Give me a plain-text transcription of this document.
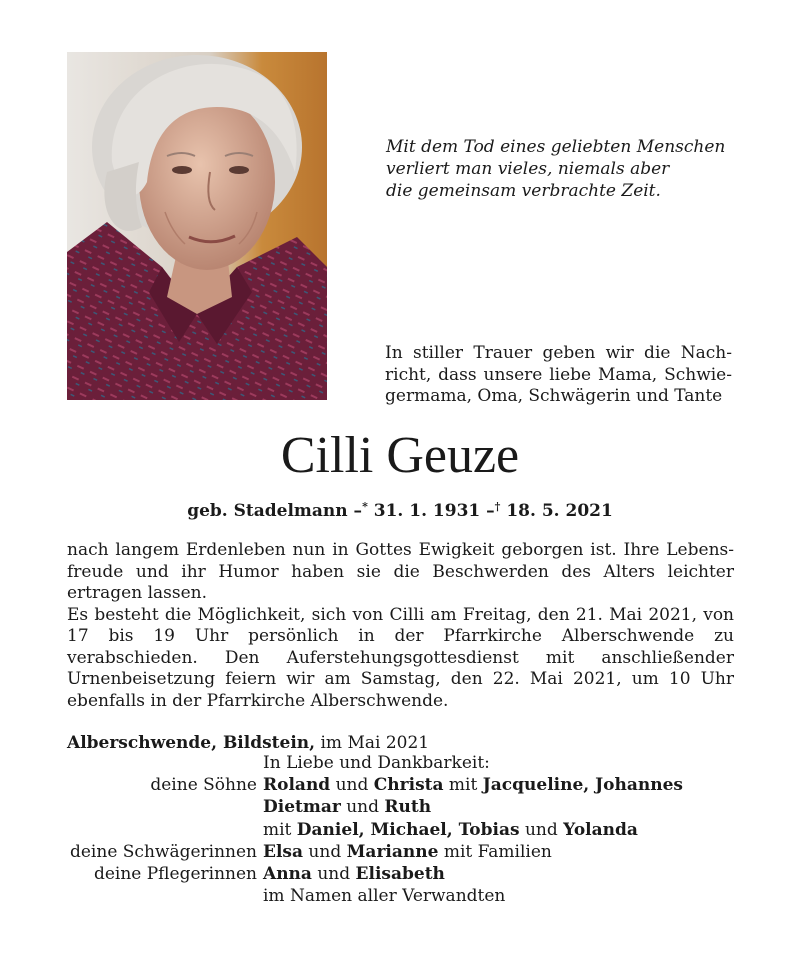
Mit dem Tod eines geliebten Menschen
verliert man vieles, niemals aber
die gemeinsam verbrachte Zeit.
In stiller Trauer geben wir die Nach-
richt, dass unsere liebe Mama, Schwie-
germama, Oma, Schwägerin und Tante
Cilli Geuze
geb. Stadelmann –* 31. 1. 1931 –† 18. 5. 2021

nach langem Erdenleben nun in Gottes Ewigkeit geborgen ist. Ihre Lebensfreude und ihr Humor haben sie die Beschwerden des Alters leichter ertragen lassen.

Es besteht die Möglichkeit, sich von Cilli am Freitag, den 21. Mai 2021, von 17 bis 19 Uhr persönlich in der Pfarrkirche Alberschwende zu verabschieden. Den Auferstehungsgottesdienst mit anschließender Urnenbeisetzung feiern wir am Samstag, den 22. Mai 2021, um 10 Uhr ebenfalls in der Pfarrkirche Alberschwende.

Alberschwende, Bildstein, im Mai 2021
In Liebe und Dankbarkeit:
deine Söhne Roland und Christa mit Jacqueline, Johannes
Dietmar und Ruth
mit Daniel, Michael, Tobias und Yolanda
deine Schwägerinnen Elsa und Marianne mit Familien
deine Pflegerinnen Anna und Elisabeth
im Namen aller Verwandten
